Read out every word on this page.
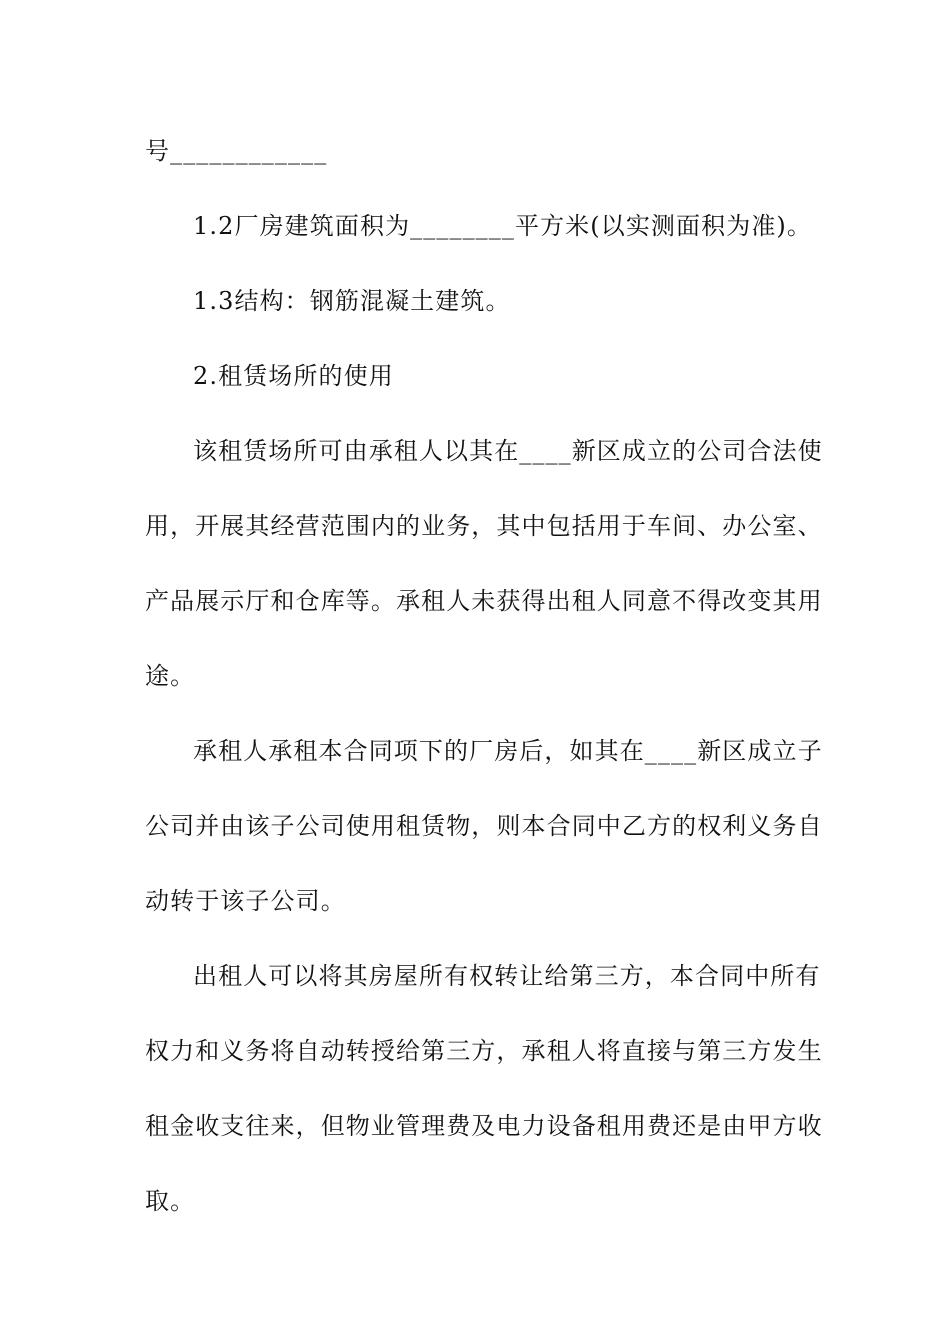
号____________
1.2厂房建筑面积为________平方米(以实测面积为准)。
1.3结构：钢筋混凝土建筑。
2.租赁场所的使用
该租赁场所可由承租人以其在____新区成立的公司合法使
用，开展其经营范围内的业务，其中包括用于车间、办公室、
产品展示厅和仓库等。承租人未获得出租人同意不得改变其用
途。
承租人承租本合同项下的厂房后，如其在____新区成立子
公司并由该子公司使用租赁物，则本合同中乙方的权利义务自
动转于该子公司。
出租人可以将其房屋所有权转让给第三方，本合同中所有
权力和义务将自动转授给第三方，承租人将直接与第三方发生
租金收支往来，但物业管理费及电力设备租用费还是由甲方收
取。
